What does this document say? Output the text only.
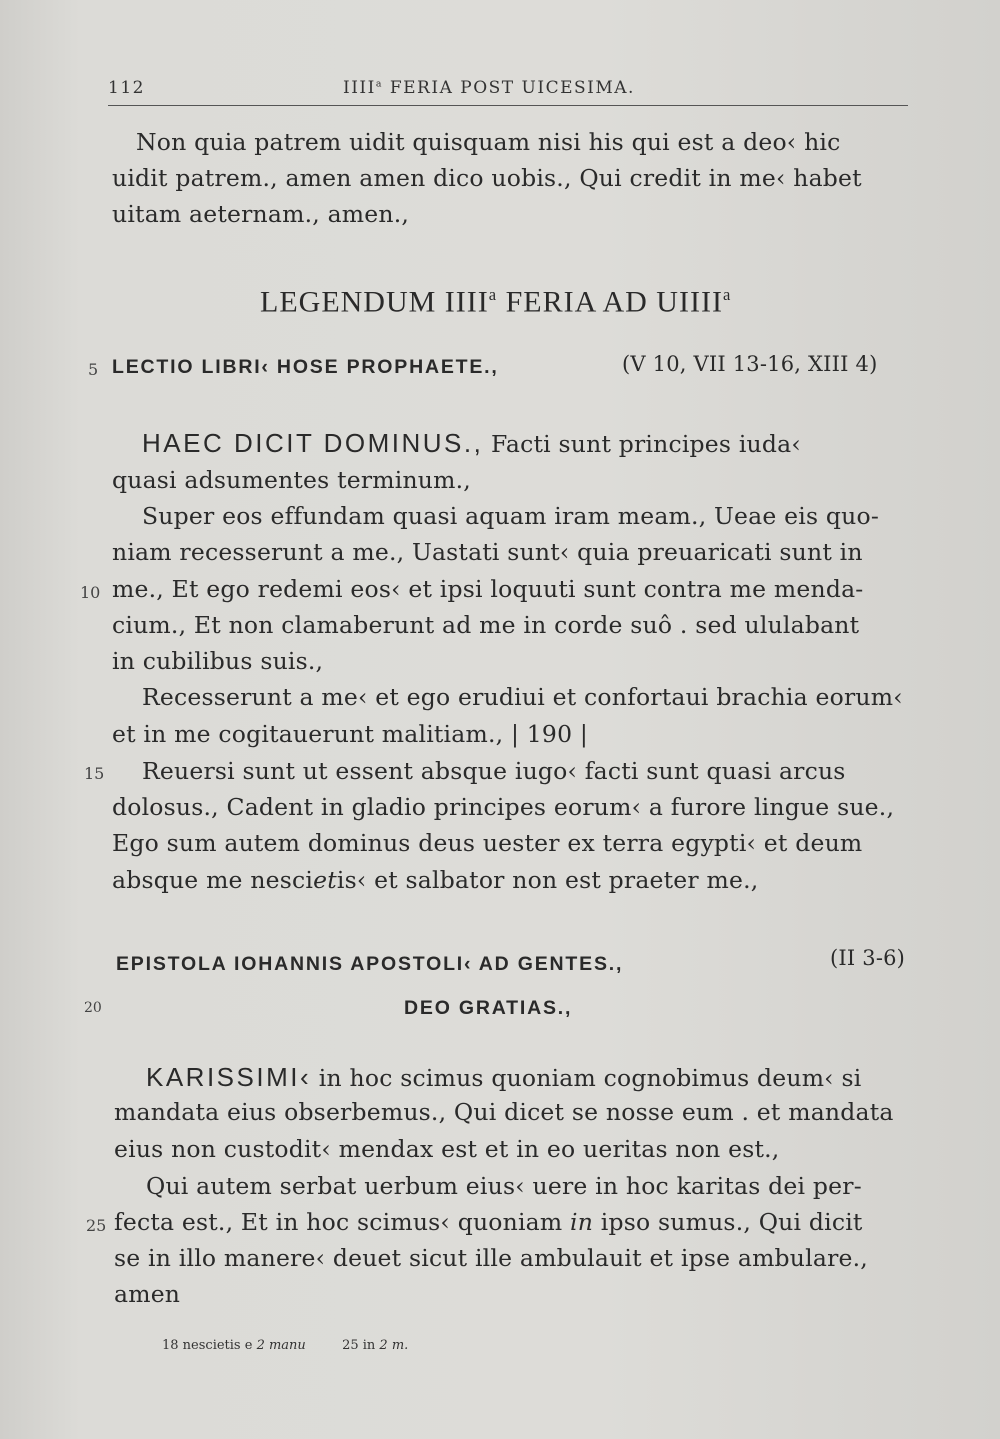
112	IIII$^a$ FERIA POST UICESIMA.
Non quia patrem uidit quisquam nisi his qui est a deo‹ hic
uidit patrem., amen amen dico uobis., Qui credit in me‹ habet
uitam aeternam., amen.,
LEGENDUM IIII$^a$ FERIA AD UIIII$^a$
5 LECTIO LIBRI‹ HOSE PROPHAETE.,	(V 10, VII 13-16, XIII 4)
HAEC DICIT DOMINUS., Facti sunt principes iuda‹
quasi adsumentes terminum.,
Super eos effundam quasi aquam iram meam., Ueae eis quo-
niam recesserunt a me., Uastati sunt‹ quia preuaricati sunt in
10 me., Et ego redemi eos‹ et ipsi loquuti sunt contra me menda-
cium., Et non clamaberunt ad me in corde suô . sed ululabant
in cubilibus suis.,
Recesserunt a me‹ et ego erudiui et confortaui brachia eorum‹
et in me cogitauerunt malitiam., | 190 |
15 Reuersi sunt ut essent absque iugo‹ facti sunt quasi arcus
dolosus., Cadent in gladio principes eorum‹ a furore lingue sue.,
Ego sum autem dominus deus uester ex terra egypti‹ et deum
absque me nescietis‹ et salbator non est praeter me.,
EPISTOLA IOHANNIS APOSTOLI‹ AD GENTES.,	(II 3-6)
20	DEO GRATIAS.,
KARISSIMI‹ in hoc scimus quoniam cognobimus deum‹ si
mandata eius obserbemus., Qui dicet se nosse eum . et mandata
eius non custodit‹ mendax est et in eo ueritas non est.,
Qui autem serbat uerbum eius‹ uere in hoc karitas dei per-
25 fecta est., Et in hoc scimus‹ quoniam in ipso sumus., Qui dicit
se in illo manere‹ deuet sicut ille ambulauit et ipse ambulare.,
amen
18 nescietis e 2 manu	25 in 2 m.
